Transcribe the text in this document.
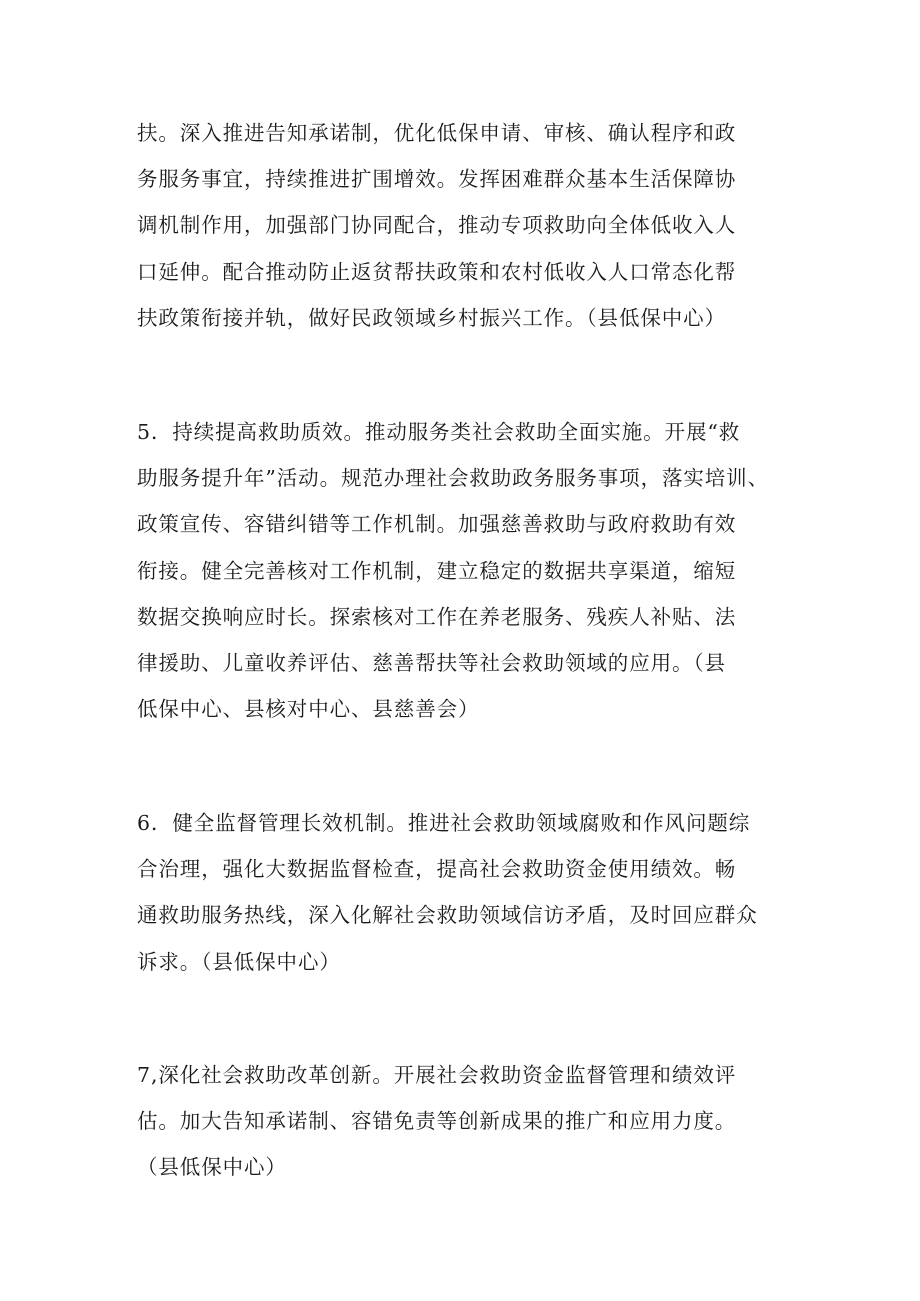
扶。深入推进告知承诺制，优化低保申请、审核、确认程序和政
务服务事宜，持续推进扩围增效。发挥困难群众基本生活保障协
调机制作用，加强部门协同配合，推动专项救助向全体低收入人
口延伸。配合推动防止返贫帮扶政策和农村低收入人口常态化帮
扶政策衔接并轨，做好民政领域乡村振兴工作。（县低保中心）

5．持续提高救助质效。推动服务类社会救助全面实施。开展“救
助服务提升年”活动。规范办理社会救助政务服务事项，落实培训、
政策宣传、容错纠错等工作机制。加强慈善救助与政府救助有效
衔接。健全完善核对工作机制，建立稳定的数据共享渠道，缩短
数据交换响应时长。探索核对工作在养老服务、残疾人补贴、法
律援助、儿童收养评估、慈善帮扶等社会救助领域的应用。（县
低保中心、县核对中心、县慈善会）

6．健全监督管理长效机制。推进社会救助领域腐败和作风问题综
合治理，强化大数据监督检查，提高社会救助资金使用绩效。畅
通救助服务热线，深入化解社会救助领域信访矛盾，及时回应群众
诉求。（县低保中心）

7,深化社会救助改革创新。开展社会救助资金监督管理和绩效评
估。加大告知承诺制、容错免责等创新成果的推广和应用力度。
（县低保中心）
